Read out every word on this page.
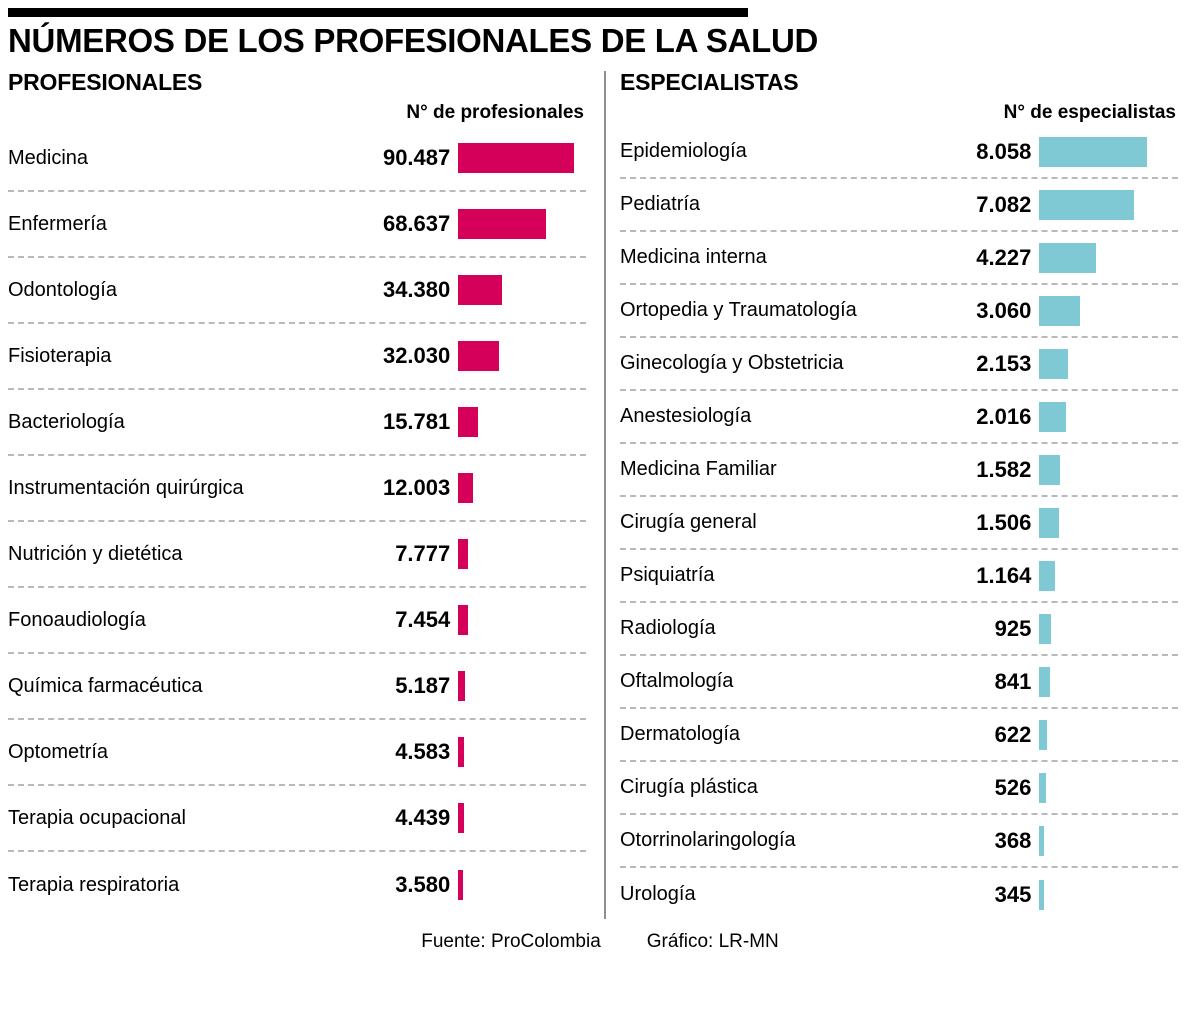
NÚMEROS DE LOS PROFESIONALES DE LA SALUD
PROFESIONALES
N° de profesionales
Medicina	90.487
Enfermería	68.637
Odontología	34.380
Fisioterapia	32.030
Bacteriología	15.781
Instrumentación quirúrgica	12.003
Nutrición y dietética	7.777
Fonoaudiología	7.454
Química farmacéutica	5.187
Optometría	4.583
Terapia ocupacional	4.439
Terapia respiratoria	3.580
ESPECIALISTAS
N° de especialistas
Epidemiología	8.058
Pediatría	7.082
Medicina interna	4.227
Ortopedia y Traumatología	3.060
Ginecología y Obstetricia	2.153
Anestesiología	2.016
Medicina Familiar	1.582
Cirugía general	1.506
Psiquiatría	1.164
Radiología	925
Oftalmología	841
Dermatología	622
Cirugía plástica	526
Otorrinolaringología	368
Urología	345
Fuente: ProColombia Gráfico: LR-MN
